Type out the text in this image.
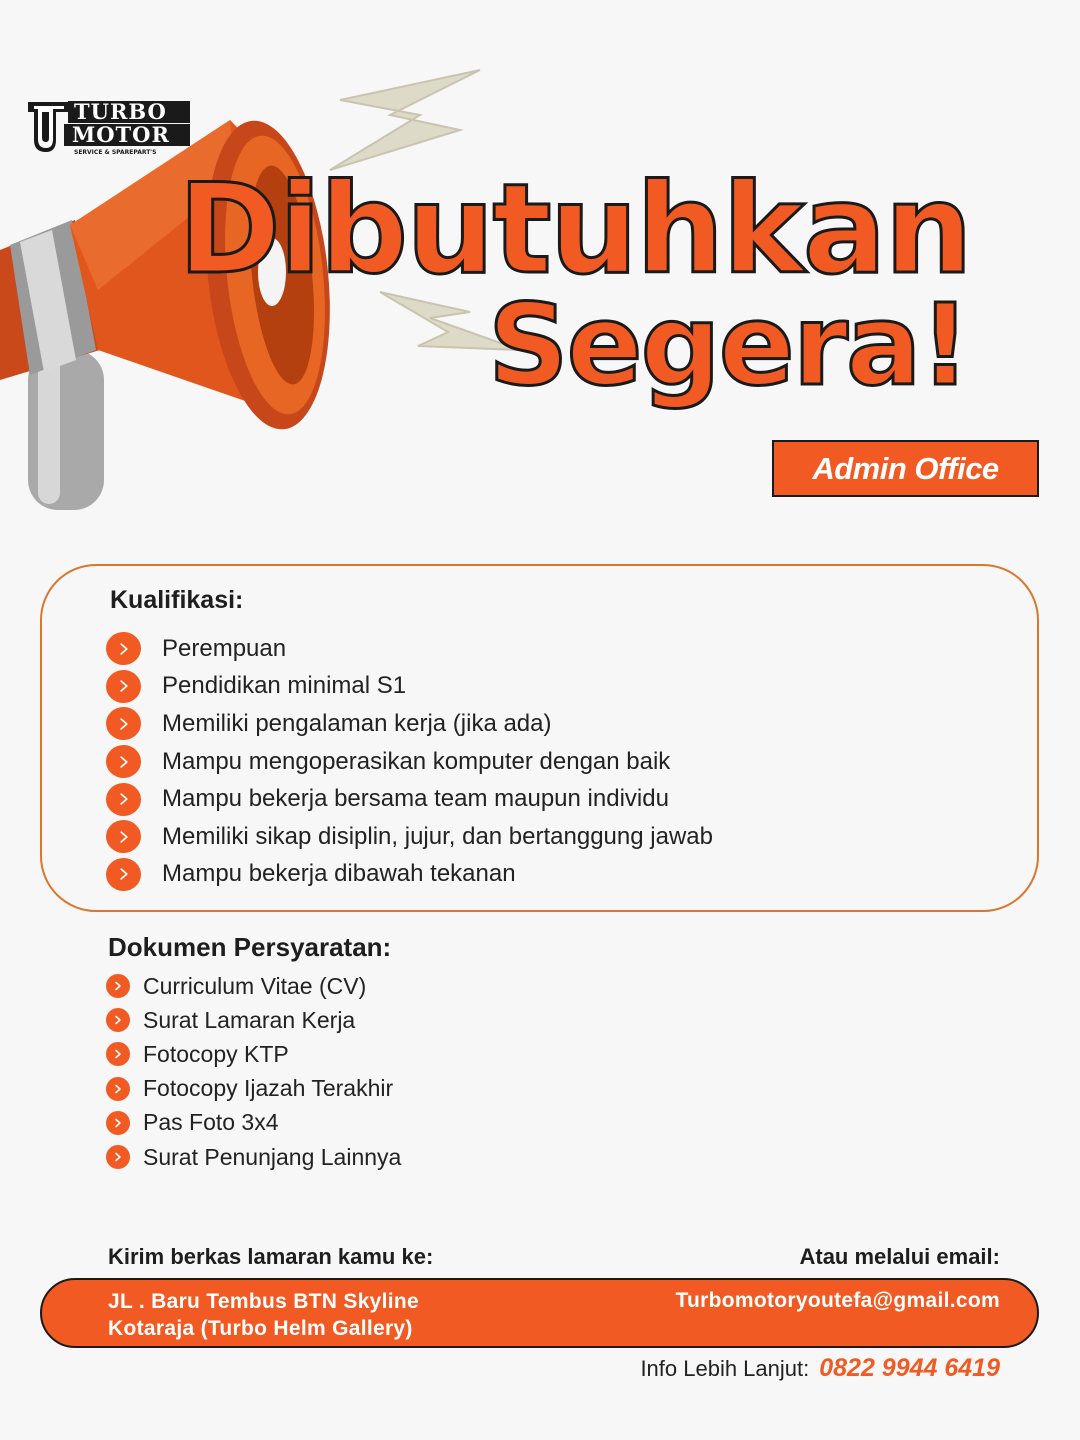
TURBO
MOTOR
SERVICE & SPAREPART'S
Dibutuhkan
Segera!
Admin Office
Kualifikasi:
Perempuan
Pendidikan minimal S1
Memiliki pengalaman kerja (jika ada)
Mampu mengoperasikan komputer dengan baik
Mampu bekerja bersama team maupun individu
Memiliki sikap disiplin, jujur, dan bertanggung jawab
Mampu bekerja dibawah tekanan
Dokumen Persyaratan:
Curriculum Vitae (CV)
Surat Lamaran Kerja
Fotocopy KTP
Fotocopy Ijazah Terakhir
Pas Foto 3x4
Surat Penunjang Lainnya
Kirim berkas lamaran kamu ke:	Atau melalui email:
JL . Baru Tembus BTN Skyline
Kotaraja (Turbo Helm Gallery)
Turbomotoryoutefa@gmail.com
Info Lebih Lanjut: 0822 9944 6419
